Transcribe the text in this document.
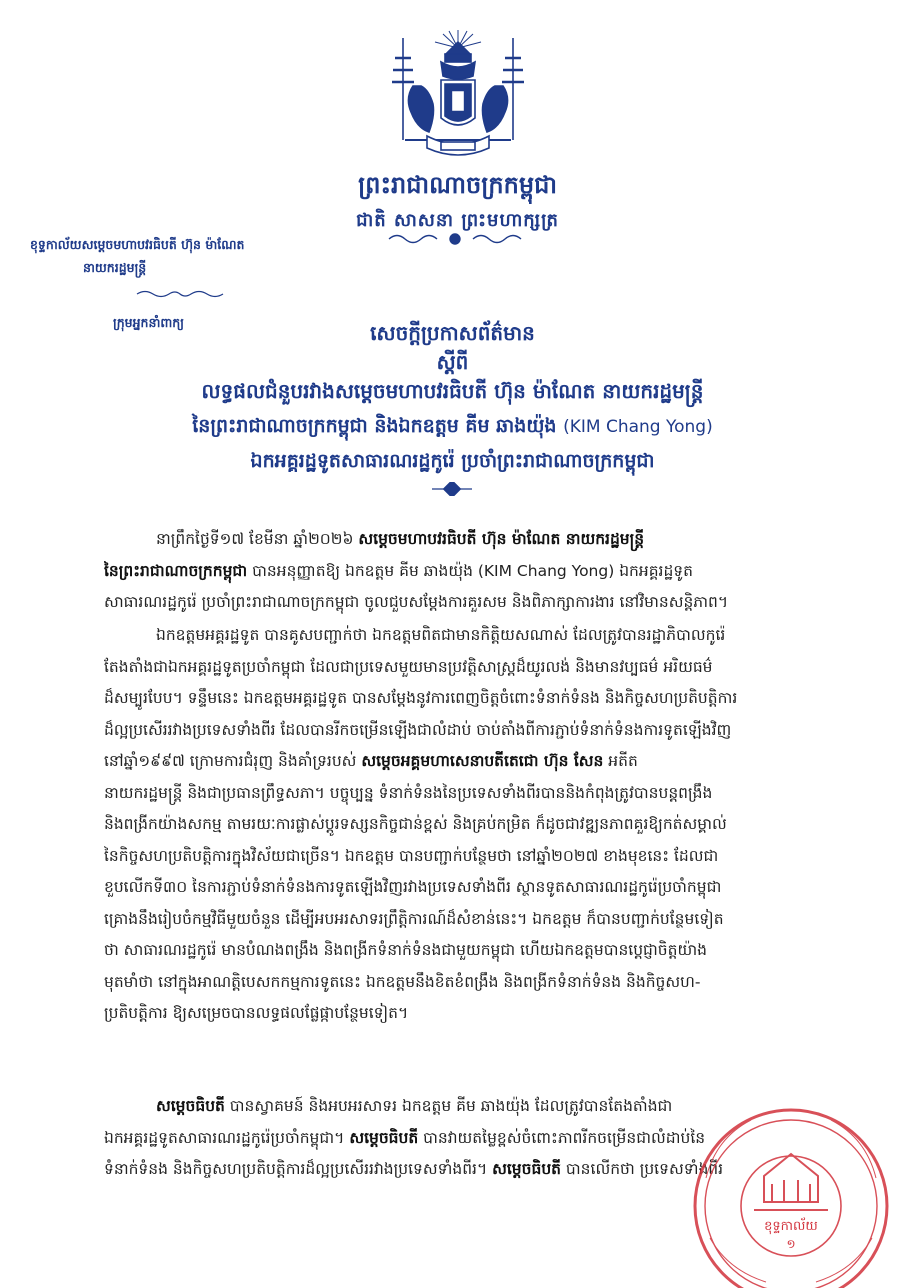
ព្រះរាជាណាចក្រកម្ពុជា
ជាតិ សាសនា ព្រះមហាក្សត្រ
ខុទ្ទកាល័យសម្ដេចមហាបវរធិបតី ហ៊ុន ម៉ាណែត
នាយករដ្ឋមន្ត្រី
ក្រុមអ្នកនាំពាក្យ	សេចក្ដីប្រកាសព័ត៌មាន
ស្ដីពី
លទ្ធផលជំនួបរវាងសម្ដេចមហាបវរធិបតី ហ៊ុន ម៉ាណែត នាយករដ្ឋមន្ត្រី
នៃព្រះរាជាណាចក្រកម្ពុជា និងឯកឧត្តម គីម ឆាងយ៉ុង (KIM Chang Yong)
ឯកអគ្គរដ្ឋទូតសាធារណរដ្ឋកូរ៉េ ប្រចាំព្រះរាជាណាចក្រកម្ពុជា
នាព្រឹកថ្ងៃទី១៧ ខែមីនា ឆ្នាំ២០២៦ សម្ដេចមហាបវរធិបតី ហ៊ុន ម៉ាណែត នាយករដ្ឋមន្ត្រី
នៃព្រះរាជាណាចក្រកម្ពុជា បានអនុញ្ញាតឱ្យ ឯកឧត្តម គីម ឆាងយ៉ុង (KIM Chang Yong) ឯកអគ្គរដ្ឋទូត
សាធារណរដ្ឋកូរ៉េ ប្រចាំព្រះរាជាណាចក្រកម្ពុជា ចូលជួបសម្ដែងការគួរសម និងពិភាក្សាការងារ នៅវិមានសន្តិភាព។
ឯកឧត្តមអគ្គរដ្ឋទូត បានគូសបញ្ជាក់ថា ឯកឧត្តមពិតជាមានកិត្តិយសណាស់ ដែលត្រូវបានរដ្ឋាភិបាលកូរ៉េ
តែងតាំងជាឯកអគ្គរដ្ឋទូតប្រចាំកម្ពុជា ដែលជាប្រទេសមួយមានប្រវត្តិសាស្ត្រដ៏យូរលង់ និងមានវប្បធម៌ អរិយធម៌
ដ៏សម្បូរបែប។ ទន្ទឹមនេះ ឯកឧត្តមអគ្គរដ្ឋទូត បានសម្ដែងនូវការពេញចិត្តចំពោះទំនាក់ទំនង និងកិច្ចសហប្រតិបត្តិការ
ដ៏ល្អប្រសើររវាងប្រទេសទាំងពីរ ដែលបានរីកចម្រើនឡើងជាលំដាប់ ចាប់តាំងពីការភ្ជាប់ទំនាក់ទំនងការទូតឡើងវិញ
នៅឆ្នាំ១៩៩៧ ក្រោមការជំរុញ និងគាំទ្ររបស់ សម្ដេចអគ្គមហាសេនាបតីតេជោ ហ៊ុន សែន អតីត
នាយករដ្ឋមន្ត្រី និងជាប្រធានព្រឹទ្ធសភា។ បច្ចុប្បន្ន ទំនាក់ទំនងនៃប្រទេសទាំងពីរបាននិងកំពុងត្រូវបានបន្តពង្រឹង
និងពង្រីកយ៉ាងសកម្ម តាមរយៈការផ្លាស់ប្ដូរទស្សនកិច្ចជាន់ខ្ពស់ និងគ្រប់កម្រិត ក៏ដូចជាវឌ្ឍនភាពគួរឱ្យកត់សម្គាល់
នៃកិច្ចសហប្រតិបត្តិការក្នុងវិស័យជាច្រើន។ ឯកឧត្តម បានបញ្ជាក់បន្ថែមថា នៅឆ្នាំ២០២៧ ខាងមុខនេះ ដែលជា
ខួបលើកទី៣០ នៃការភ្ជាប់ទំនាក់ទំនងការទូតឡើងវិញរវាងប្រទេសទាំងពីរ ស្ថានទូតសាធារណរដ្ឋកូរ៉េប្រចាំកម្ពុជា
គ្រោងនឹងរៀបចំកម្មវិធីមួយចំនួន ដើម្បីអបអរសាទរព្រឹត្តិការណ៍ដ៏សំខាន់នេះ។ ឯកឧត្តម ក៏បានបញ្ជាក់បន្ថែមទៀត
ថា សាធារណរដ្ឋកូរ៉េ មានបំណងពង្រឹង និងពង្រីកទំនាក់ទំនងជាមួយកម្ពុជា ហើយឯកឧត្តមបានប្ដេជ្ញាចិត្តយ៉ាង
មុតមាំថា នៅក្នុងអាណត្តិបេសកកម្មការទូតនេះ ឯកឧត្តមនឹងខិតខំពង្រឹង និងពង្រីកទំនាក់ទំនង និងកិច្ចសហ-
ប្រតិបត្តិការ ឱ្យសម្រេចបានលទ្ធផលផ្លែផ្កាបន្ថែមទៀត។
សម្ដេចធិបតី បានស្វាគមន៍ និងអបអរសាទរ ឯកឧត្តម គីម ឆាងយ៉ុង ដែលត្រូវបានតែងតាំងជា
ឯកអគ្គរដ្ឋទូតសាធារណរដ្ឋកូរ៉េប្រចាំកម្ពុជា។ សម្ដេចធិបតី បានវាយតម្លៃខ្ពស់ចំពោះភាពរីកចម្រើនជាលំដាប់នៃ
ទំនាក់ទំនង និងកិច្ចសហប្រតិបត្តិការដ៏ល្អប្រសើររវាងប្រទេសទាំងពីរ។ សម្ដេចធិបតី បានលើកថា ប្រទេសទាំងពីរ
ខុទ្ទកាល័យ
១
